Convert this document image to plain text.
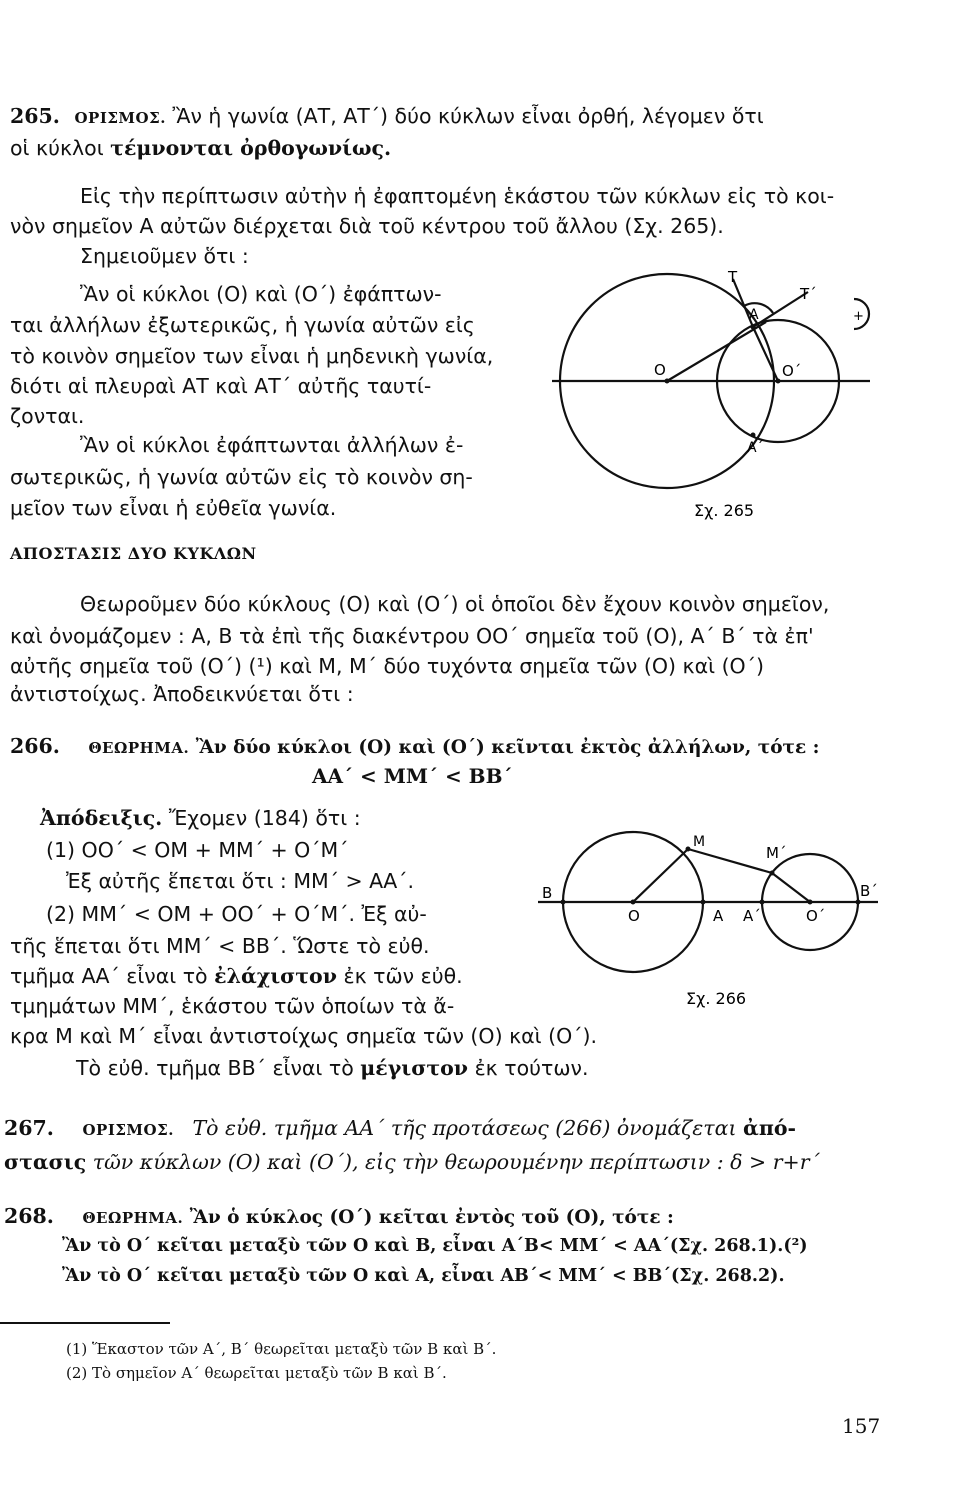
265. ΟΡΙΣΜΟΣ. Ἂν ἡ γωνία (ΑΤ, ΑΤ΄) δύο κύκλων εἶναι ὀρθή, λέγομεν ὅτι
οἱ κύκλοι τέμνονται ὀρθογωνίως.
Εἰς τὴν περίπτωσιν αὐτὴν ἡ ἐφαπτομένη ἑκάστου τῶν κύκλων εἰς τὸ κοι-
νὸν σημεῖον Α αὐτῶν διέρχεται διὰ τοῦ κέντρου τοῦ ἄλλου (Σχ. 265).
Σημειοῦμεν ὅτι :
Ἂν οἱ κύκλοι (Ο) καὶ (Ο΄) ἐφάπτων-
ται ἀλλήλων ἐξωτερικῶς, ἡ γωνία αὐτῶν εἰς
τὸ κοινὸν σημεῖον των εἶναι ἡ μηδενικὴ γωνία,
διότι αἱ πλευραὶ ΑΤ καὶ ΑΤ΄ αὐτῆς ταυτί-
ζονται.
Ἂν οἱ κύκλοι ἐφάπτωνται ἀλλήλων ἐ-
σωτερικῶς, ἡ γωνία αὐτῶν εἰς τὸ κοινὸν ση-
μεῖον των εἶναι ἡ εὐθεῖα γωνία.
T
T΄
A
O	O΄
A΄
+
Σχ. 265
ΑΠΟΣΤΑΣΙΣ ΔΥΟ ΚΥΚΛΩΝ
Θεωροῦμεν δύο κύκλους (Ο) καὶ (Ο΄) οἱ ὁποῖοι δὲν ἔχουν κοινὸν σημεῖον,
καὶ ὀνομάζομεν : Α, Β τὰ ἐπὶ τῆς διακέντρου ΟΟ΄ σημεῖα τοῦ (Ο), Α΄ Β΄ τὰ ἐπ'
αὐτῆς σημεῖα τοῦ (Ο΄) (¹) καὶ Μ, Μ΄ δύο τυχόντα σημεῖα τῶν (Ο) καὶ (Ο΄)
ἀντιστοίχως. Ἀποδεικνύεται ὅτι :
266. ΘΕΩΡΗΜΑ. Ἂν δύο κύκλοι (Ο) καὶ (Ο΄) κεῖνται ἐκτὸς ἀλλήλων, τότε :
ΑΑ΄ < ΜΜ΄ < ΒΒ΄
Ἀπόδειξις. Ἔχομεν (184) ὅτι :
(1) ΟΟ΄ < ΟΜ + ΜΜ΄ + Ο΄Μ΄
Ἐξ αὐτῆς ἕπεται ὅτι : ΜΜ΄ > ΑΑ΄.
(2) ΜΜ΄ < ΟΜ + ΟΟ΄ + Ο΄Μ΄. Ἐξ αὐ-
τῆς ἕπεται ὅτι ΜΜ΄ < ΒΒ΄. Ὥστε τὸ εὐθ.
τμῆμα ΑΑ΄ εἶναι τὸ ἐλάχιστον ἐκ τῶν εὐθ.
τμημάτων ΜΜ΄, ἑκάστου τῶν ὁποίων τὰ ἄ-
κρα Μ καὶ Μ΄ εἶναι ἀντιστοίχως σημεῖα τῶν (Ο) καὶ (Ο΄).
Τὸ εὐθ. τμῆμα ΒΒ΄ εἶναι τὸ μέγιστον ἐκ τούτων.
B
O	A A΄	O΄
B΄
M
M΄
Σχ. 266
267. ΟΡΙΣΜΟΣ. Τὸ εὐθ. τμῆμα ΑΑ΄ τῆς προτάσεως (266) ὀνομάζεται ἀπό-
στασις τῶν κύκλων (Ο) καὶ (Ο΄), εἰς τὴν θεωρουμένην περίπτωσιν : δ > r+r΄
268. ΘΕΩΡΗΜΑ. Ἂν ὁ κύκλος (Ο΄) κεῖται ἐντὸς τοῦ (Ο), τότε :
Ἂν τὸ Ο΄ κεῖται μεταξὺ τῶν Ο καὶ Β, εἶναι Α΄Β< ΜΜ΄ < ΑΑ΄(Σχ. 268.1).(²)
Ἂν τὸ Ο΄ κεῖται μεταξὺ τῶν Ο καὶ Α, εἶναι ΑΒ΄< ΜΜ΄ < ΒΒ΄(Σχ. 268.2).
(1) Ἕκαστον τῶν Α΄, Β΄ θεωρεῖται μεταξὺ τῶν Β καὶ Β΄.
(2) Τὸ σημεῖον Α΄ θεωρεῖται μεταξὺ τῶν Β καὶ Β΄.
157
